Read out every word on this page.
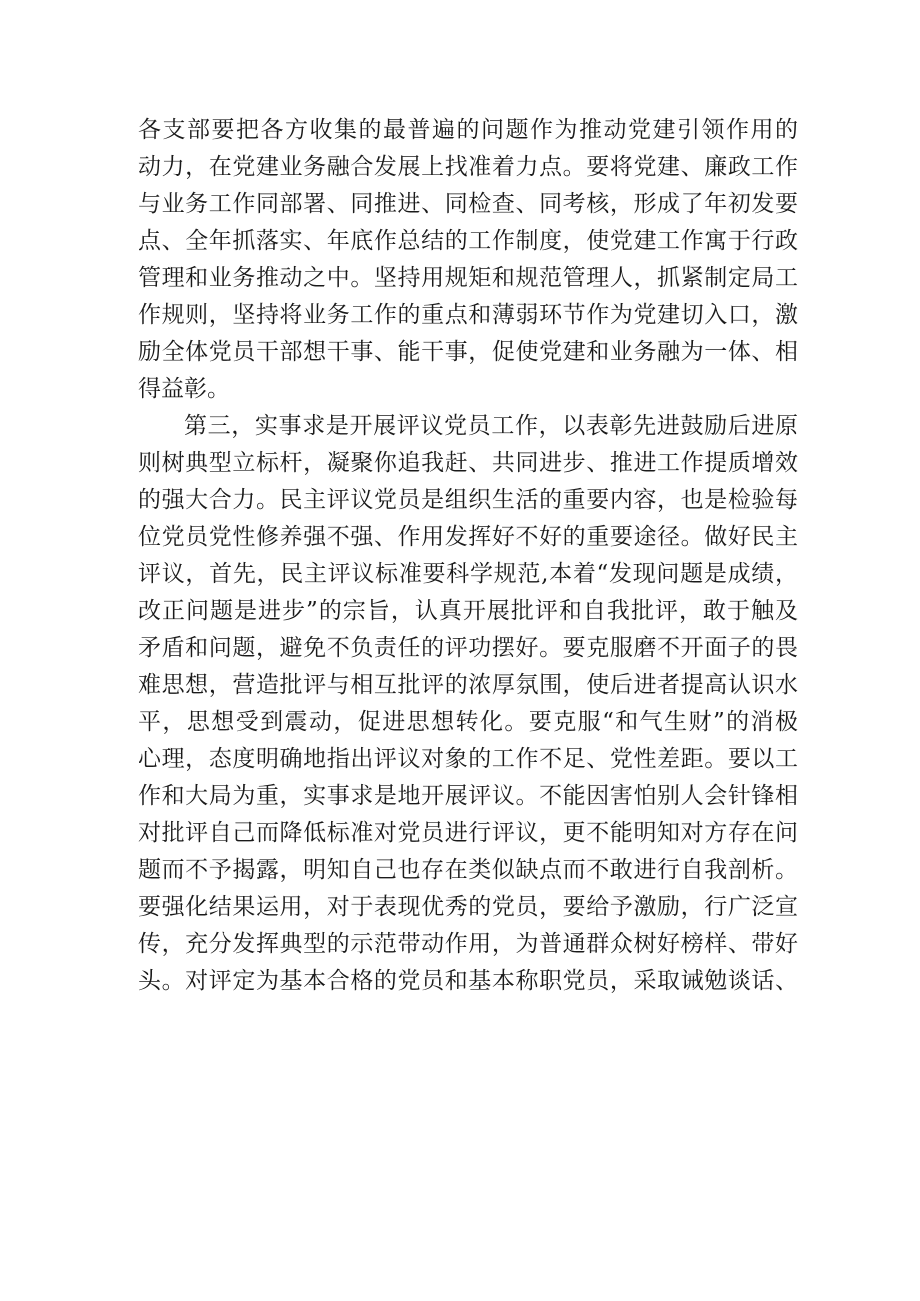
各支部要把各方收集的最普遍的问题作为推动党建引领作用的
动力，在党建业务融合发展上找准着力点。要将党建、廉政工作
与业务工作同部署、同推进、同检查、同考核，形成了年初发要
点、全年抓落实、年底作总结的工作制度，使党建工作寓于行政
管理和业务推动之中。坚持用规矩和规范管理人，抓紧制定局工
作规则，坚持将业务工作的重点和薄弱环节作为党建切入口，激
励全体党员干部想干事、能干事，促使党建和业务融为一体、相
得益彰。
第三，实事求是开展评议党员工作，以表彰先进鼓励后进原
则树典型立标杆，凝聚你追我赶、共同进步、推进工作提质增效
的强大合力。民主评议党员是组织生活的重要内容，也是检验每
位党员党性修养强不强、作用发挥好不好的重要途径。做好民主
评议，首先，民主评议标准要科学规范,本着“发现问题是成绩，
改正问题是进步”的宗旨，认真开展批评和自我批评，敢于触及
矛盾和问题，避免不负责任的评功摆好。要克服磨不开面子的畏
难思想，营造批评与相互批评的浓厚氛围，使后进者提高认识水
平，思想受到震动，促进思想转化。要克服“和气生财”的消极
心理，态度明确地指出评议对象的工作不足、党性差距。要以工
作和大局为重，实事求是地开展评议。不能因害怕别人会针锋相
对批评自己而降低标准对党员进行评议，更不能明知对方存在问
题而不予揭露，明知自己也存在类似缺点而不敢进行自我剖析。
要强化结果运用，对于表现优秀的党员，要给予激励，行广泛宣
传，充分发挥典型的示范带动作用，为普通群众树好榜样、带好
头。对评定为基本合格的党员和基本称职党员，采取诫勉谈话、
